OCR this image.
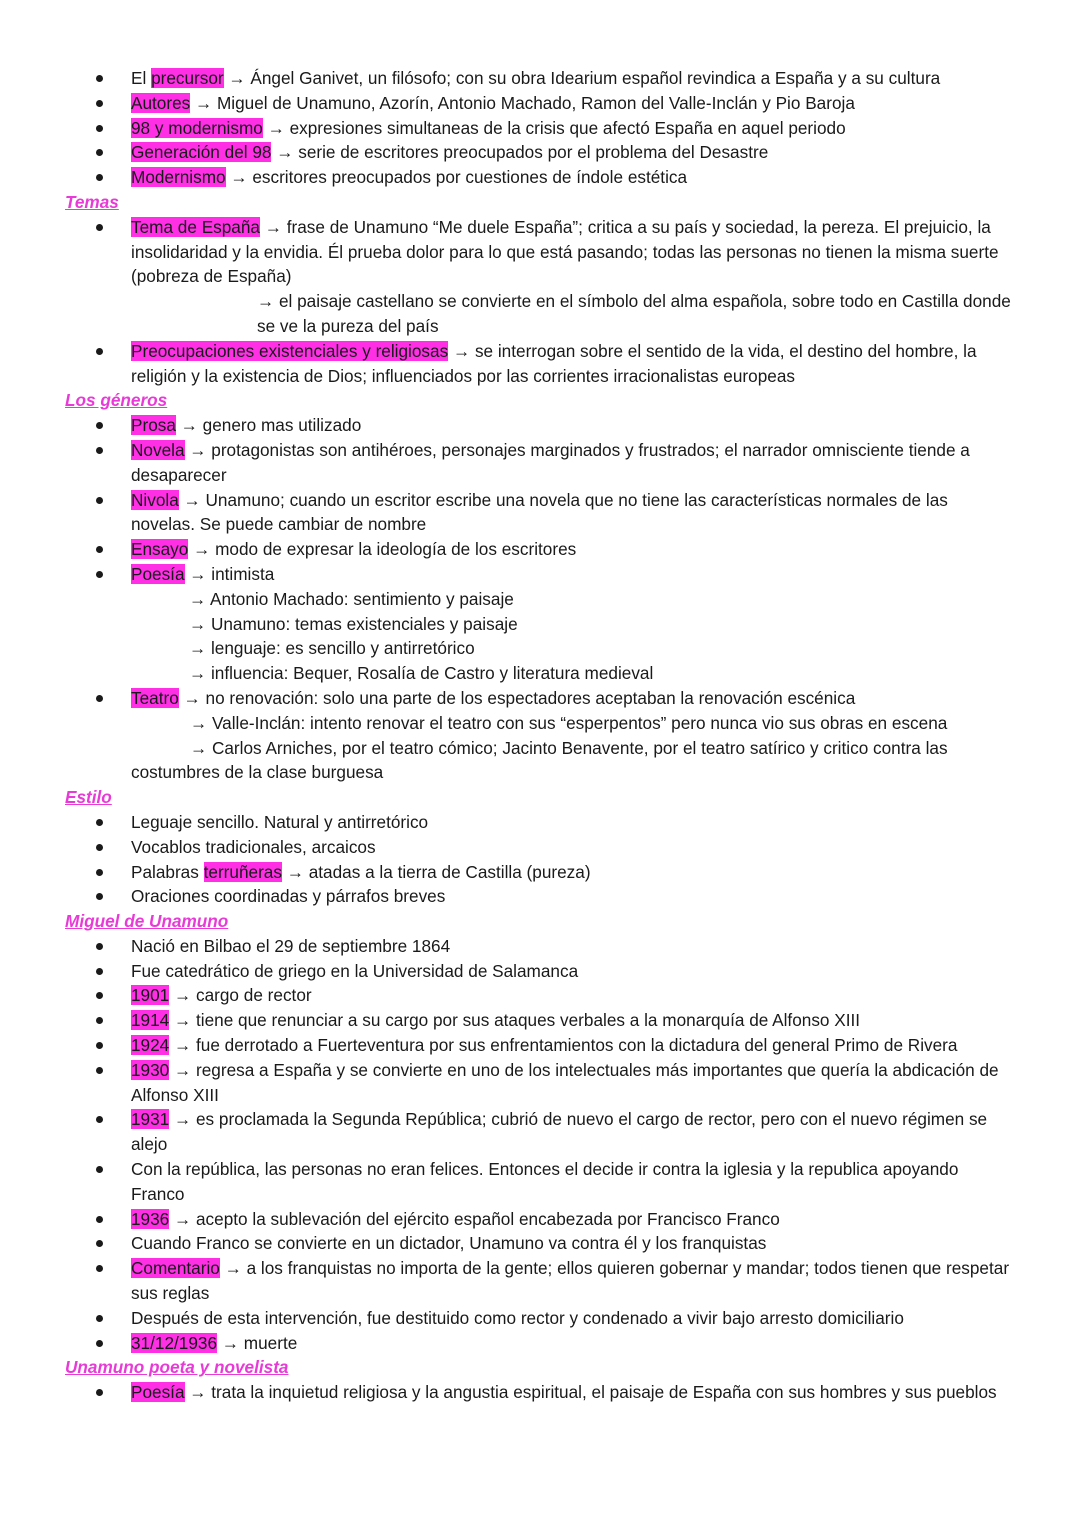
El precursor → Ángel Ganivet, un filósofo; con su obra Idearium español revindica a España y a su cultura
Autores → Miguel de Unamuno, Azorín, Antonio Machado, Ramon del Valle-Inclán y Pio Baroja
98 y modernismo → expresiones simultaneas de la crisis que afectó España en aquel periodo
Generación del 98 → serie de escritores preocupados por el problema del Desastre
Modernismo → escritores preocupados por cuestiones de índole estética
Temas
Tema de España → frase de Unamuno “Me duele España”; critica a su país y sociedad, la pereza. El prejuicio, la insolidaridad y la envidia. Él prueba dolor para lo que está pasando; todas las personas no tienen la misma suerte (pobreza de España)
→ el paisaje castellano se convierte en el símbolo del alma española, sobre todo en Castilla donde se ve la pureza del país
Preocupaciones existenciales y religiosas → se interrogan sobre el sentido de la vida, el destino del hombre, la religión y la existencia de Dios; influenciados por las corrientes irracionalistas europeas
Los géneros
Prosa → genero mas utilizado
Novela → protagonistas son antihéroes, personajes marginados y frustrados; el narrador omnisciente tiende a desaparecer
Nivola → Unamuno; cuando un escritor escribe una novela que no tiene las características normales de las novelas. Se puede cambiar de nombre
Ensayo → modo de expresar la ideología de los escritores
Poesía → intimista
→ Antonio Machado: sentimiento y paisaje
→ Unamuno: temas existenciales y paisaje
→ lenguaje: es sencillo y antirretórico
→ influencia: Bequer, Rosalía de Castro y literatura medieval
Teatro → no renovación: solo una parte de los espectadores aceptaban la renovación escénica
→ Valle-Inclán: intento renovar el teatro con sus “esperpentos” pero nunca vio sus obras en escena
→ Carlos Arniches, por el teatro cómico; Jacinto Benavente, por el teatro satírico y critico contra las
costumbres de la clase burguesa
Estilo
Leguaje sencillo. Natural y antirretórico
Vocablos tradicionales, arcaicos
Palabras terruñeras → atadas a la tierra de Castilla (pureza)
Oraciones coordinadas y párrafos breves
Miguel de Unamuno
Nació en Bilbao el 29 de septiembre 1864
Fue catedrático de griego en la Universidad de Salamanca
1901 → cargo de rector
1914 → tiene que renunciar a su cargo por sus ataques verbales a la monarquía de Alfonso XIII
1924 → fue derrotado a Fuerteventura por sus enfrentamientos con la dictadura del general Primo de Rivera
1930 → regresa a España y se convierte en uno de los intelectuales más importantes que quería la abdicación de Alfonso XIII
1931 → es proclamada la Segunda República; cubrió de nuevo el cargo de rector, pero con el nuevo régimen se alejo
Con la república, las personas no eran felices. Entonces el decide ir contra la iglesia y la republica apoyando Franco
1936 → acepto la sublevación del ejército español encabezada por Francisco Franco
Cuando Franco se convierte en un dictador, Unamuno va contra él y los franquistas
Comentario → a los franquistas no importa de la gente; ellos quieren gobernar y mandar; todos tienen que respetar sus reglas
Después de esta intervención, fue destituido como rector y condenado a vivir bajo arresto domiciliario
31/12/1936 → muerte
Unamuno poeta y novelista
Poesía → trata la inquietud religiosa y la angustia espiritual, el paisaje de España con sus hombres y sus pueblos
